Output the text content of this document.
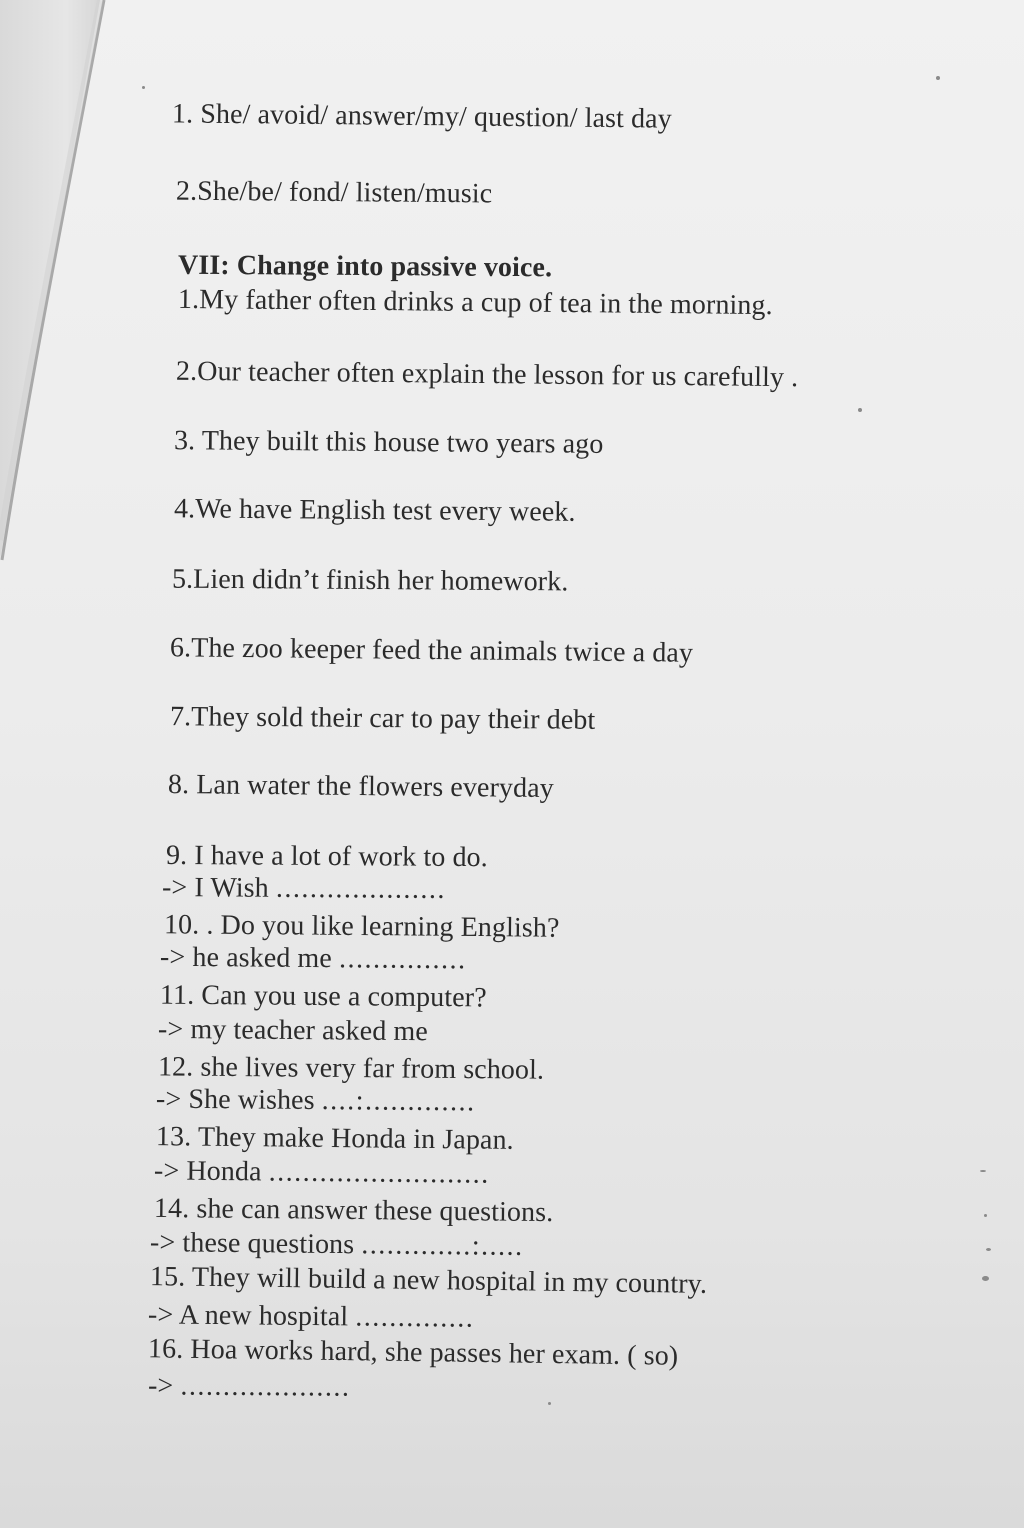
1. She/ avoid/ answer/my/ question/ last day
2.She/be/ fond/ listen/music
VII: Change into passive voice.
1.My father often drinks a cup of tea in the morning.
2.Our teacher often explain the lesson for us carefully .
3. They built this house two years ago
4.We have English test every week.
5.Lien didn’t finish her homework.
6.The zoo keeper feed the animals twice a day
7.They sold their car to pay their debt
8. Lan water the flowers everyday
9. I have a lot of work to do.
-> I Wish ....................
10. . Do you like learning English?
-> he asked me ...............
11. Can you use a computer?
-> my teacher asked me
12. she lives very far from school.
-> She wishes ....:.............
13. They make Honda in Japan.
-> Honda ..........................
14. she can answer these questions.
-> these questions .............:.....
15. They will build a new hospital in my country.
-> A new hospital ..............
16. Hoa works hard, she passes her exam. ( so)
-> ....................
